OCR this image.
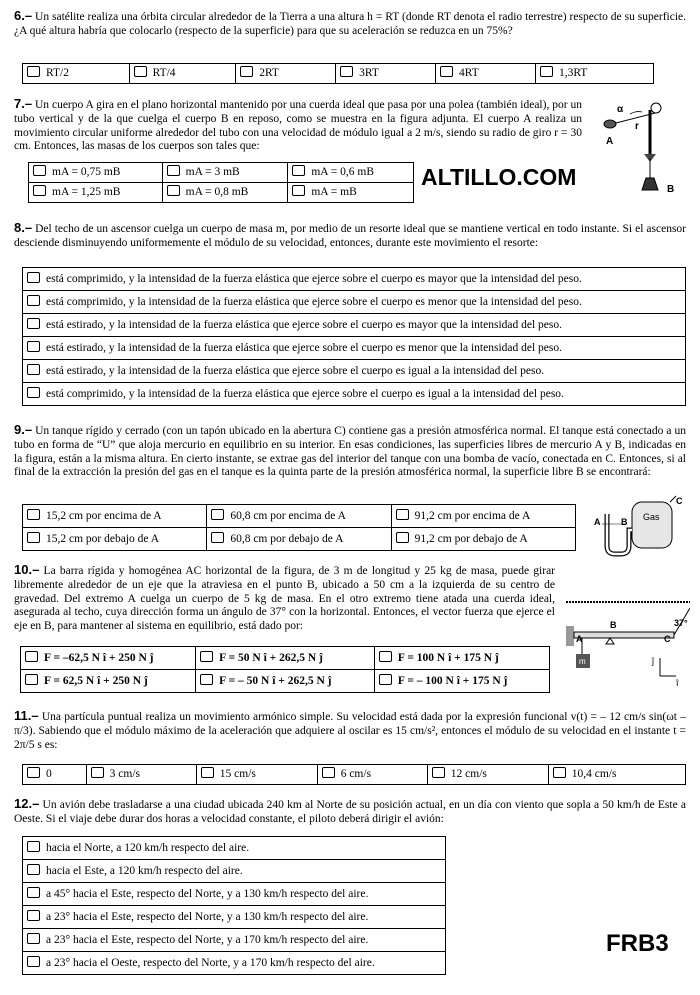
6.– Un satélite realiza una órbita circular alrededor de la Tierra a una altura h = RT (donde RT denota el radio terrestre) respecto de su superficie. ¿A qué altura habría que colocarlo (respecto de la superficie) para que su aceleración se reduzca en un 75%?

RT/2	RT/4	2RT	3RT	4RT	1,3RT

7.– Un cuerpo A gira en el plano horizontal mantenido por una cuerda ideal que pasa por una polea (también ideal), por un tubo vertical y de la que cuelga el cuerpo B en reposo, como se muestra en la figura adjunta. El cuerpo A realiza un movimiento circular uniforme alrededor del tubo con una velocidad de módulo igual a 2 m/s, siendo su radio de giro r = 30 cm. Entonces, las masas de los cuerpos son tales que:

mA = 0,75 mB	mA = 3 mB	mA = 0,6 mB
mA = 1,25 mB	mA = 0,8 mB	mA = mB
ALTILLO.COM
α
r
A
B

8.– Del techo de un ascensor cuelga un cuerpo de masa m, por medio de un resorte ideal que se mantiene vertical en todo instante. Si el ascensor desciende disminuyendo uniformemente el módulo de su velocidad, entonces, durante este movimiento el resorte:

está comprimido, y la intensidad de la fuerza elástica que ejerce sobre el cuerpo es mayor que la intensidad del peso.
está comprimido, y la intensidad de la fuerza elástica que ejerce sobre el cuerpo es menor que la intensidad del peso.
está estirado, y la intensidad de la fuerza elástica que ejerce sobre el cuerpo es mayor que la intensidad del peso.
está estirado, y la intensidad de la fuerza elástica que ejerce sobre el cuerpo es menor que la intensidad del peso.
está estirado, y la intensidad de la fuerza elástica que ejerce sobre el cuerpo es igual a la intensidad del peso.
está comprimido, y la intensidad de la fuerza elástica que ejerce sobre el cuerpo es igual a la intensidad del peso.

9.– Un tanque rígido y cerrado (con un tapón ubicado en la abertura C) contiene gas a presión atmosférica normal. El tanque está conectado a un tubo en forma de “U” que aloja mercurio en equilibrio en su interior. En esas condiciones, las superficies libres de mercurio A y B, indicadas en la figura, están a la misma altura. En cierto instante, se extrae gas del interior del tanque con una bomba de vacío, conectada en C. Entonces, si al final de la extracción la presión del gas en el tanque es la quinta parte de la presión atmosférica normal, la superficie libre B se encontrará:

15,2 cm por encima de A	60,8 cm por encima de A	91,2 cm por encima de A
15,2 cm por debajo de A	60,8 cm por debajo de A	91,2 cm por debajo de A
C
Gas
A B

10.– La barra rígida y homogénea AC horizontal de la figura, de 3 m de longitud y 25 kg de masa, puede girar libremente alrededor de un eje que la atraviesa en el punto B, ubicado a 50 cm a la izquierda de su centro de gravedad. Del extremo A cuelga un cuerpo de 5 kg de masa. En el otro extremo tiene atada una cuerda ideal, asegurada al techo, cuya dirección forma un ángulo de 37° con la horizontal. Entonces, el vector fuerza que ejerce el eje en B, para mantener al sistema en equilibrio, está dado por:

F = –62,5 N î + 250 N ĵ	F = 50 N î + 262,5 N ĵ	F = 100 N î + 175 N ĵ
F = 62,5 N î + 250 N ĵ	F = – 50 N î + 262,5 N ĵ	F = – 100 N î + 175 N ĵ
37°
A
B
C
m	ĵ
î

11.– Una partícula puntual realiza un movimiento armónico simple. Su velocidad está dada por la expresión funcional v(t) = – 12 cm/s sin(ωt – π/3). Sabiendo que el módulo máximo de la aceleración que adquiere al oscilar es 15 cm/s², entonces el módulo de su velocidad en el instante t = 2π/5 s es:

0	3 cm/s	15 cm/s	6 cm/s	12 cm/s	10,4 cm/s

12.– Un avión debe trasladarse a una ciudad ubicada 240 km al Norte de su posición actual, en un día con viento que sopla a 50 km/h de Este a Oeste. Si el viaje debe durar dos horas a velocidad constante, el piloto deberá dirigir el avión:

hacia el Norte, a 120 km/h respecto del aire.
hacia el Este, a 120 km/h respecto del aire.
a 45° hacia el Este, respecto del Norte, y a 130 km/h respecto del aire.
a 23° hacia el Este, respecto del Norte, y a 130 km/h respecto del aire.
a 23° hacia el Este, respecto del Norte, y a 170 km/h respecto del aire.
a 23° hacia el Oeste, respecto del Norte, y a 170 km/h respecto del aire.
FRB3
